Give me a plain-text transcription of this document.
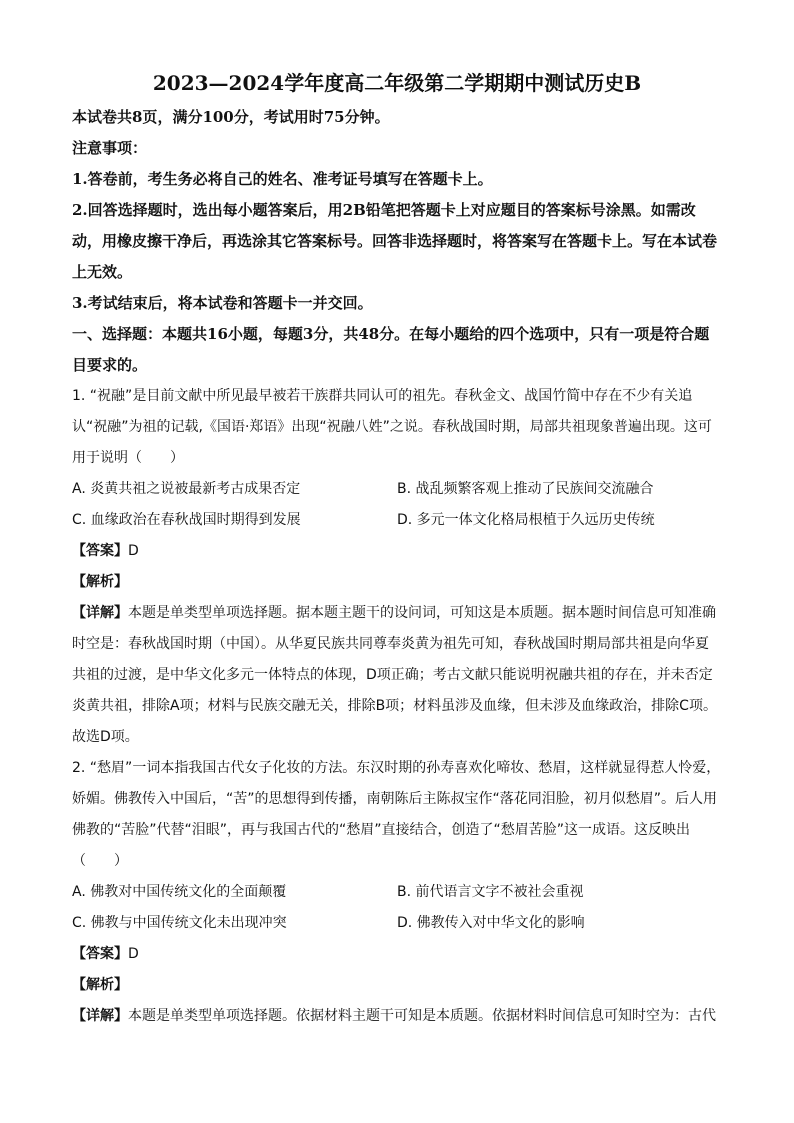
2023—2024学年度高二年级第二学期期中测试历史B

本试卷共8页，满分100分，考试用时75分钟。

注意事项：

1.答卷前，考生务必将自己的姓名、准考证号填写在答题卡上。

2.回答选择题时，选出每小题答案后，用2B铅笔把答题卡上对应题目的答案标号涂黑。如需改动，用橡皮擦干净后，再选涂其它答案标号。回答非选择题时，将答案写在答题卡上。写在本试卷上无效。

3.考试结束后，将本试卷和答题卡一并交回。

一、选择题：本题共16小题，每题3分，共48分。在每小题给的四个选项中，只有一项是符合题目要求的。

1. “祝融”是目前文献中所见最早被若干族群共同认可的祖先。春秋金文、战国竹简中存在不少有关追认“祝融”为祖的记载,《国语·郑语》出现“祝融八姓”之说。春秋战国时期，局部共祖现象普遍出现。这可用于说明（　　）

A. 炎黄共祖之说被最新考古成果否定	B. 战乱频繁客观上推动了民族间交流融合
C. 血缘政治在春秋战国时期得到发展	D. 多元一体文化格局根植于久远历史传统

【答案】D

【解析】

【详解】本题是单类型单项选择题。据本题主题干的设问词，可知这是本质题。据本题时间信息可知准确时空是：春秋战国时期（中国）。从华夏民族共同尊奉炎黄为祖先可知，春秋战国时期局部共祖是向华夏共祖的过渡，是中华文化多元一体特点的体现，D项正确；考古文献只能说明祝融共祖的存在，并未否定炎黄共祖，排除A项；材料与民族交融无关，排除B项；材料虽涉及血缘，但未涉及血缘政治，排除C项。故选D项。

2. “愁眉”一词本指我国古代女子化妆的方法。东汉时期的孙寿喜欢化啼妆、愁眉，这样就显得惹人怜爱，娇媚。佛教传入中国后，“苦”的思想得到传播，南朝陈后主陈叔宝作“落花同泪脸，初月似愁眉”。后人用佛教的“苦脸”代替“泪眼”，再与我国古代的“愁眉”直接结合，创造了“愁眉苦脸”这一成语。这反映出（　　）

A. 佛教对中国传统文化的全面颠覆	B. 前代语言文字不被社会重视
C. 佛教与中国传统文化未出现冲突	D. 佛教传入对中华文化的影响

【答案】D

【解析】

【详解】本题是单类型单项选择题。依据材料主题干可知是本质题。依据材料时间信息可知时空为：古代
